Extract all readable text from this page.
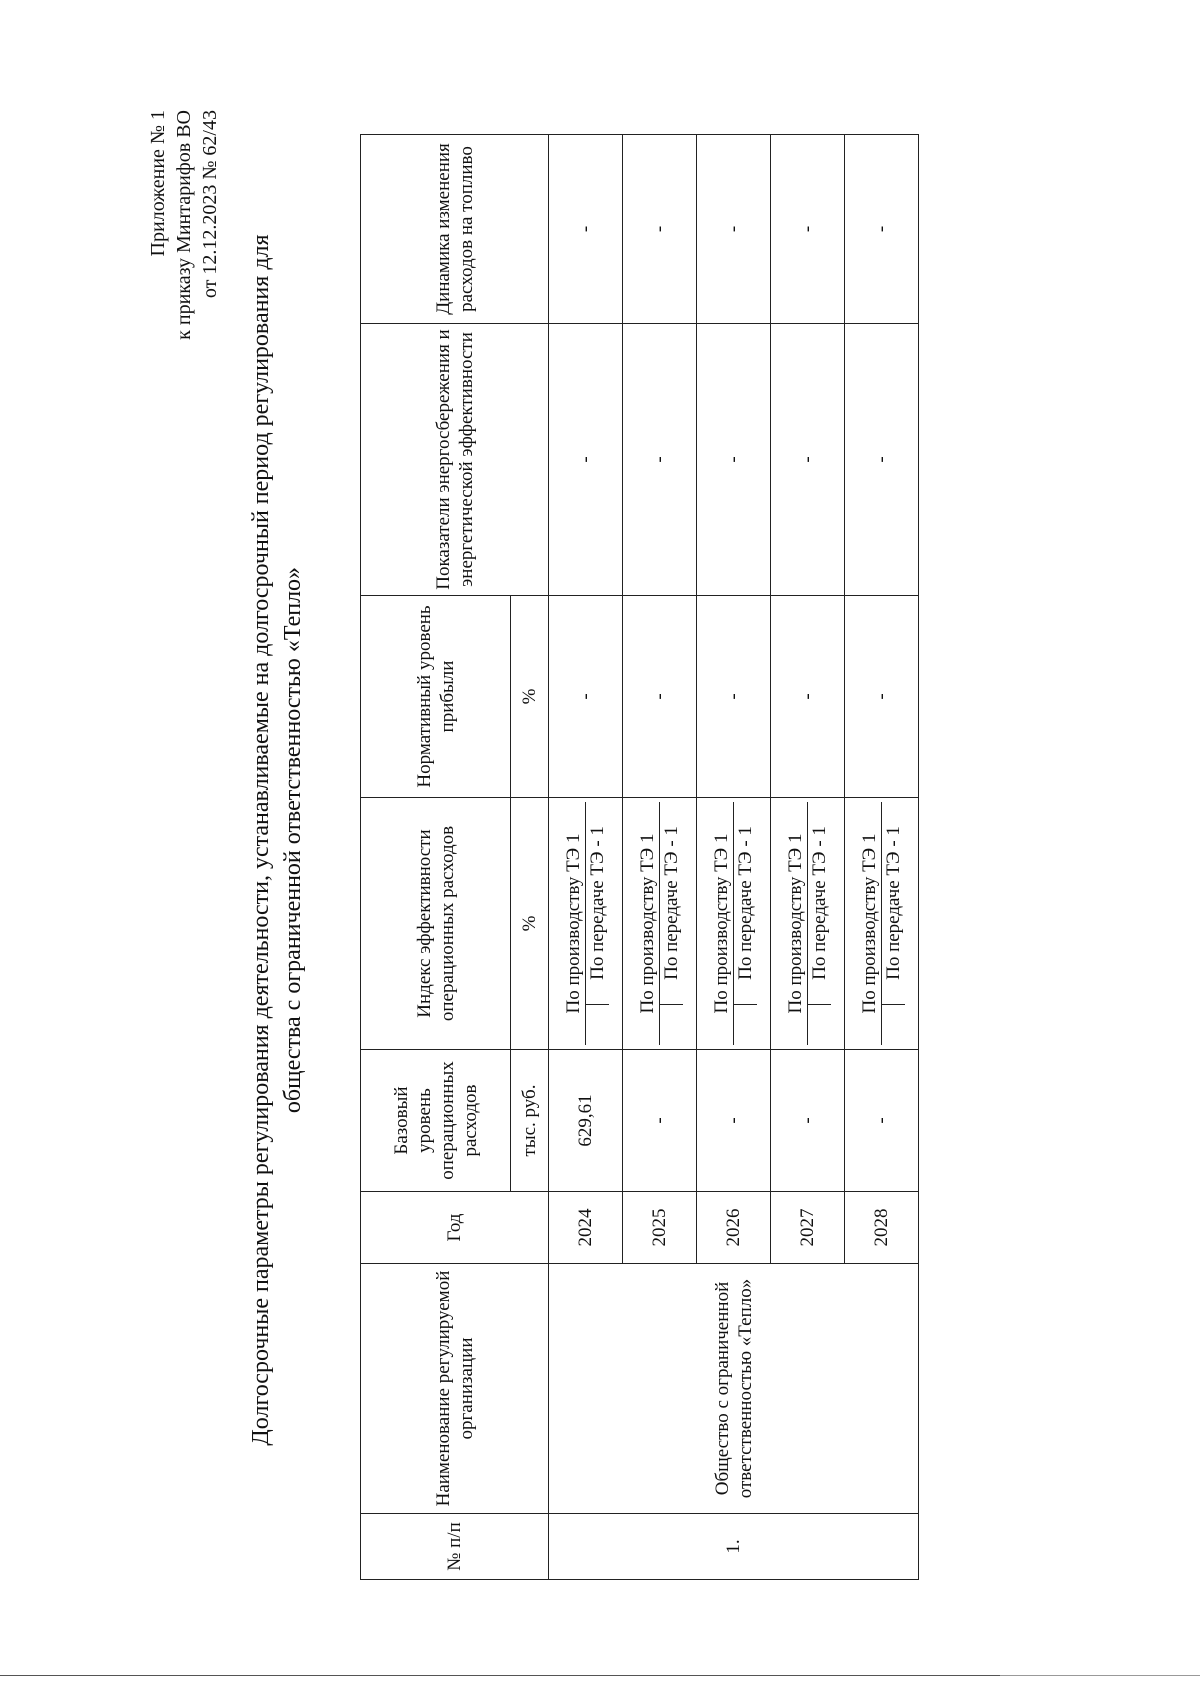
Приложение № 1 к приказу Минтарифов ВО от 12.12.2023 № 62/43
Долгосрочные параметры регулирования деятельности, устанавливаемые на долгосрочный период регулирования для общества с ограниченной ответственностью «Тепло»
№ п/п	Наименование регулируемой организации	Год	Базовый уровень операционных расходов	Индекс эффективности операционных расходов	Нормативный уровень прибыли	Показатели энергосбережения и энергетической эффективности	Динамика изменения расходов на топливо
			тыс. руб.	%	%		
1.	Общество с ограниченной ответственностью «Тепло»	2024	629,61	По производству ТЭ 1 По передаче ТЭ - 1	-	-	-
		2025	-	По производству ТЭ 1 По передаче ТЭ - 1	-	-	-
		2026	-	По производству ТЭ 1 По передаче ТЭ - 1	-	-	-
		2027	-	По производству ТЭ 1 По передаче ТЭ - 1	-	-	-
		2028	-	По производству ТЭ 1 По передаче ТЭ - 1	-	-	-
